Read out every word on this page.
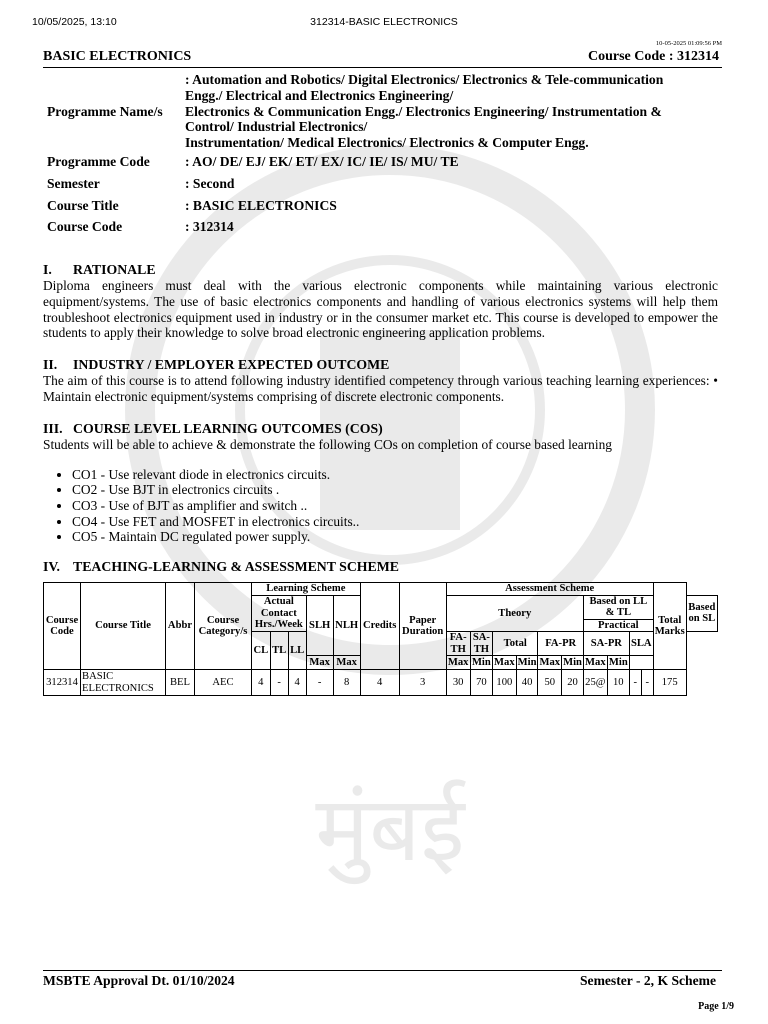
मुंबई
10/05/2025, 13:10	312314-BASIC ELECTRONICS
10-05-2025 01:09:56 PM
BASIC ELECTRONICS	Course Code : 312314
Programme Name/s	: Automation and Robotics/ Digital Electronics/ Electronics & Tele-communication
Engg./ Electrical and Electronics Engineering/
Electronics & Communication Engg./ Electronics Engineering/ Instrumentation &
Control/ Industrial Electronics/
Instrumentation/ Medical Electronics/ Electronics & Computer Engg.

Programme Code	: AO/ DE/ EJ/ EK/ ET/ EX/ IC/ IE/ IS/ MU/ TE
Semester	: Second
Course Title	: BASIC ELECTRONICS
Course Code	: 312314
I. RATIONALE

Diploma engineers must deal with the various electronic components while maintaining various electronic equipment/systems. The use of basic electronics components and handling of various electronics systems will help them troubleshoot electronics equipment used in industry or in the consumer market etc. This course is developed to empower the students to apply their knowledge to solve broad electronic engineering application problems.

II. INDUSTRY / EMPLOYER EXPECTED OUTCOME

The aim of this course is to attend following industry identified competency through various teaching learning experiences: • Maintain electronic equipment/systems comprising of discrete electronic components.

III. COURSE LEVEL LEARNING OUTCOMES (COS)

Students will be able to achieve & demonstrate the following COs on completion of course based learning

• CO1 - Use relevant diode in electronics circuits.
• CO2 - Use BJT in electronics circuits .
• CO3 - Use of BJT as amplifier and switch ..
• CO4 - Use FET and MOSFET in electronics circuits..
• CO5 - Maintain DC regulated power supply.
IV. TEACHING-LEARNING & ASSESSMENT SCHEME
Course Code	Course Title	Abbr	Course Category/s	Learning Scheme					Credits	Paper Duration	Assessment Scheme										Total Marks	
				Actual Contact Hrs./Week			SLH	NLH			Theory						Based on LL & TL					Based on SL
																	Practical					
				CL	TL	LL					FA-TH	SA-TH	Total		FA-PR		SA-PR		SLA			
							Max	Max			Max	Min	Max	Min	Max	Min	Max	Min				
312314	BASIC ELECTRONICS	BEL	AEC	4	-	4	-	8	4	3	30	70	100	40	50	20	25@	10	-	-	175	
MSBTE Approval Dt. 01/10/2024	Semester - 2, K Scheme
Page 1/9
